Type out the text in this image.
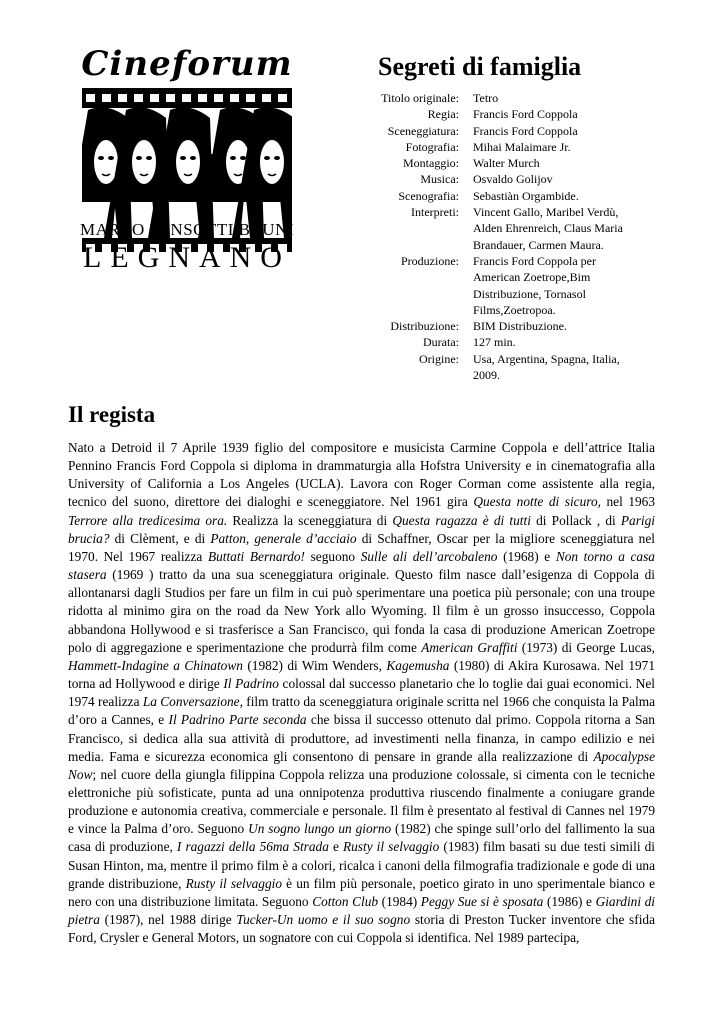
Cineforum
MARCO PENSOTTI BRUNI
LEGNANO
Segreti di famiglia
Titolo originale:	Tetro
Regia:	Francis Ford Coppola
Sceneggiatura:	Francis Ford Coppola
Fotografia:	Mihai Malaimare Jr.
Montaggio:	Walter Murch
Musica:	Osvaldo Golijov
Scenografia:	Sebastiàn Orgambide.
Interpreti:	Vincent Gallo, Maribel Verdù, Alden Ehrenreich, Claus Maria Brandauer, Carmen Maura.
Produzione:	Francis Ford Coppola per American Zoetrope,Bim Distribuzione, Tornasol Films,Zoetropoa.
Distribuzione:	BIM Distribuzione.
Durata:	127 min.
Origine:	Usa, Argentina, Spagna, Italia, 2009.
Il regista
Nato a Detroid il 7 Aprile 1939 figlio del compositore e musicista Carmine Coppola e dell’attrice Italia Pennino Francis Ford Coppola si diploma in drammaturgia alla Hofstra University e in cinematografia alla University of California a Los Angeles (UCLA). Lavora con Roger Corman come assistente alla regia, tecnico del suono, direttore dei dialoghi e sceneggiatore. Nel 1961 gira Questa notte di sicuro, nel 1963 Terrore alla tredicesima ora. Realizza la sceneggiatura di Questa ragazza è di tutti di Pollack , di Parigi brucia? di Clèment, e di Patton, generale d’acciaio di Schaffner, Oscar per la migliore sceneggiatura nel 1970. Nel 1967 realizza Buttati Bernardo! seguono Sulle ali dell’arcobaleno (1968) e Non torno a casa stasera (1969 ) tratto da una sua sceneggiatura originale. Questo film nasce dall’esigenza di Coppola di allontanarsi dagli Studios per fare un film in cui può sperimentare una poetica più personale; con una troupe ridotta al minimo gira on the road da New York allo Wyoming. Il film è un grosso insuccesso, Coppola abbandona Hollywood e si trasferisce a San Francisco, qui fonda la casa di produzione American Zoetrope polo di aggregazione e sperimentazione che produrrà film come American Graffiti (1973) di George Lucas, Hammett-Indagine a Chinatown (1982) di Wim Wenders, Kagemusha (1980) di Akira Kurosawa. Nel 1971 torna ad Hollywood e dirige Il Padrino colossal dal successo planetario che lo toglie dai guai economici. Nel 1974 realizza La Conversazione, film tratto da sceneggiatura originale scritta nel 1966 che conquista la Palma d’oro a Cannes, e Il Padrino Parte seconda che bissa il successo ottenuto dal primo. Coppola ritorna a San Francisco, si dedica alla sua attività di produttore, ad investimenti nella finanza, in campo edilizio e nei media. Fama e sicurezza economica gli consentono di pensare in grande alla realizzazione di Apocalypse Now; nel cuore della giungla filippina Coppola relizza una produzione colossale, si cimenta con le tecniche elettroniche più sofisticate, punta ad una onnipotenza produttiva riuscendo finalmente a coniugare grande produzione e autonomia creativa, commerciale e personale. Il film è presentato al festival di Cannes nel 1979 e vince la Palma d’oro. Seguono Un sogno lungo un giorno (1982) che spinge sull’orlo del fallimento la sua casa di produzione, I ragazzi della 56ma Strada e Rusty il selvaggio (1983) film basati su due testi simili di Susan Hinton, ma, mentre il primo film è a colori, ricalca i canoni della filmografia tradizionale e gode di una grande distribuzione, Rusty il selvaggio è un film più personale, poetico girato in uno sperimentale bianco e nero con una distribuzione limitata. Seguono Cotton Club (1984) Peggy Sue si è sposata (1986) e Giardini di pietra (1987), nel 1988 dirige Tucker-Un uomo e il suo sogno storia di Preston Tucker inventore che sfida Ford, Crysler e General Motors, un sognatore con cui Coppola si identifica. Nel 1989 partecipa,
